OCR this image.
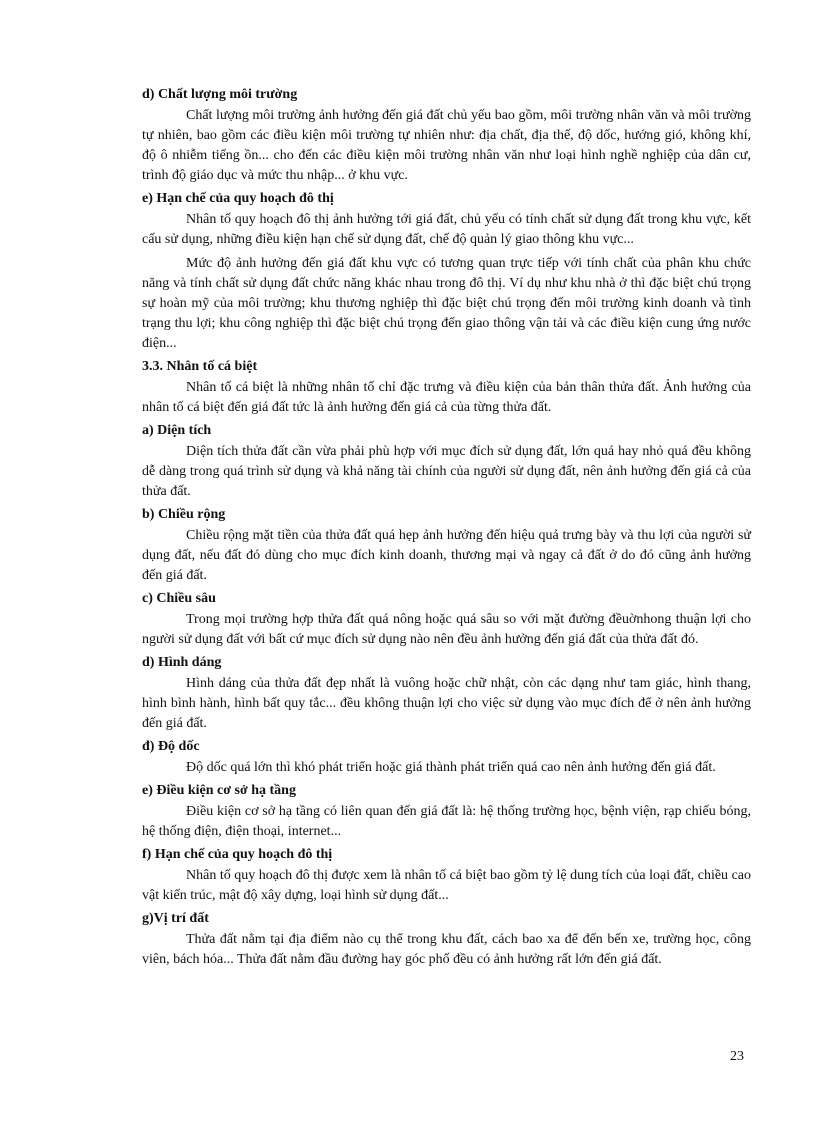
d) Chất lượng môi trường

Chất lượng môi trường ảnh hưởng đến giá đất chủ yếu bao gồm, môi trường nhân văn và môi trường tự nhiên, bao gồm các điều kiện môi trường tự nhiên như: địa chất, địa thế, độ dốc, hướng gió, không khí, độ ô nhiễm tiếng ồn... cho đến các điều kiện môi trường nhân văn như loại hình nghề nghiệp của dân cư, trình độ giáo dục và mức thu nhập... ở khu vực.

e) Hạn chế của quy hoạch đô thị

Nhân tố quy hoạch đô thị ảnh hưởng tới giá đất, chủ yếu có tính chất sử dụng đất trong khu vực, kết cấu sử dụng, những điều kiện hạn chế sử dụng đất, chế độ quản lý giao thông khu vực...

Mức độ ảnh hưởng đến giá đất khu vực có tương quan trực tiếp với tính chất của phân khu chức năng và tính chất sử dụng đất chức năng khác nhau trong đô thị. Ví dụ như khu nhà ở thì đặc biệt chú trọng sự hoàn mỹ của môi trường; khu thương nghiệp thì đặc biệt chú trọng đến môi trường kinh doanh và tình trạng thu lợi; khu công nghiệp thì đặc biệt chú trọng đến giao thông vận tải và các điều kiện cung ứng nước điện...

3.3. Nhân tố cá biệt

Nhân tố cá biệt là những nhân tố chỉ đặc trưng và điều kiện của bản thân thửa đất. Ảnh hưởng của nhân tố cá biệt đến giá đất tức là ảnh hưởng đến giá cả của từng thửa đất.

a) Diện tích

Diện tích thửa đất cần vừa phải phù hợp với mục đích sử dụng đất, lớn quá hay nhỏ quá đều không dễ dàng trong quá trình sử dụng và khả năng tài chính của người sử dụng đất, nên ảnh hưởng đến giá cả của thửa đất.

b) Chiều rộng

Chiều rộng mặt tiền của thửa đất quá hẹp ảnh hưởng đến hiệu quả trưng bày và thu lợi của người sử dụng đất, nếu đất đó dùng cho mục đích kinh doanh, thương mại và ngay cả đất ở do đó cũng ảnh hưởng đến giá đất.

c) Chiều sâu

Trong mọi trường hợp thửa đất quá nông hoặc quá sâu so với mặt đường đềuờnhong thuận lợi cho người sử dụng đất với bất cứ mục đích sử dụng nào nên đều ảnh hưởng đến giá đất của thửa đất đó.

d) Hình dáng

Hình dáng của thửa đất đẹp nhất là vuông hoặc chữ nhật, còn các dạng như tam giác, hình thang, hình bình hành, hình bất quy tắc... đều không thuận lợi cho việc sử dụng vào mục đích để ở nên ảnh hưởng đến giá đất.

đ) Độ dốc

Độ dốc quá lớn thì khó phát triển hoặc giá thành phát triển quá cao nên ảnh hưởng đến giá đất.

e) Điều kiện cơ sở hạ tầng

Điều kiện cơ sở hạ tầng có liên quan đến giá đất là: hệ thống trường học, bệnh viện, rạp chiếu bóng, hệ thống điện, điện thoại, internet...

f) Hạn chế của quy hoạch đô thị

Nhân tố quy hoạch đô thị được xem là nhân tố cá biệt bao gồm tỷ lệ dung tích của loại đất, chiều cao vật kiến trúc, mật độ xây dựng, loại hình sử dụng đất...

g)Vị trí đất

Thửa đất nằm tại địa điểm nào cụ thể trong khu đất, cách bao xa để đến bến xe, trường học, công viên, bách hóa... Thửa đất nằm đầu đường hay góc phố đều có ảnh hưởng rất lớn đến giá đất.

23
